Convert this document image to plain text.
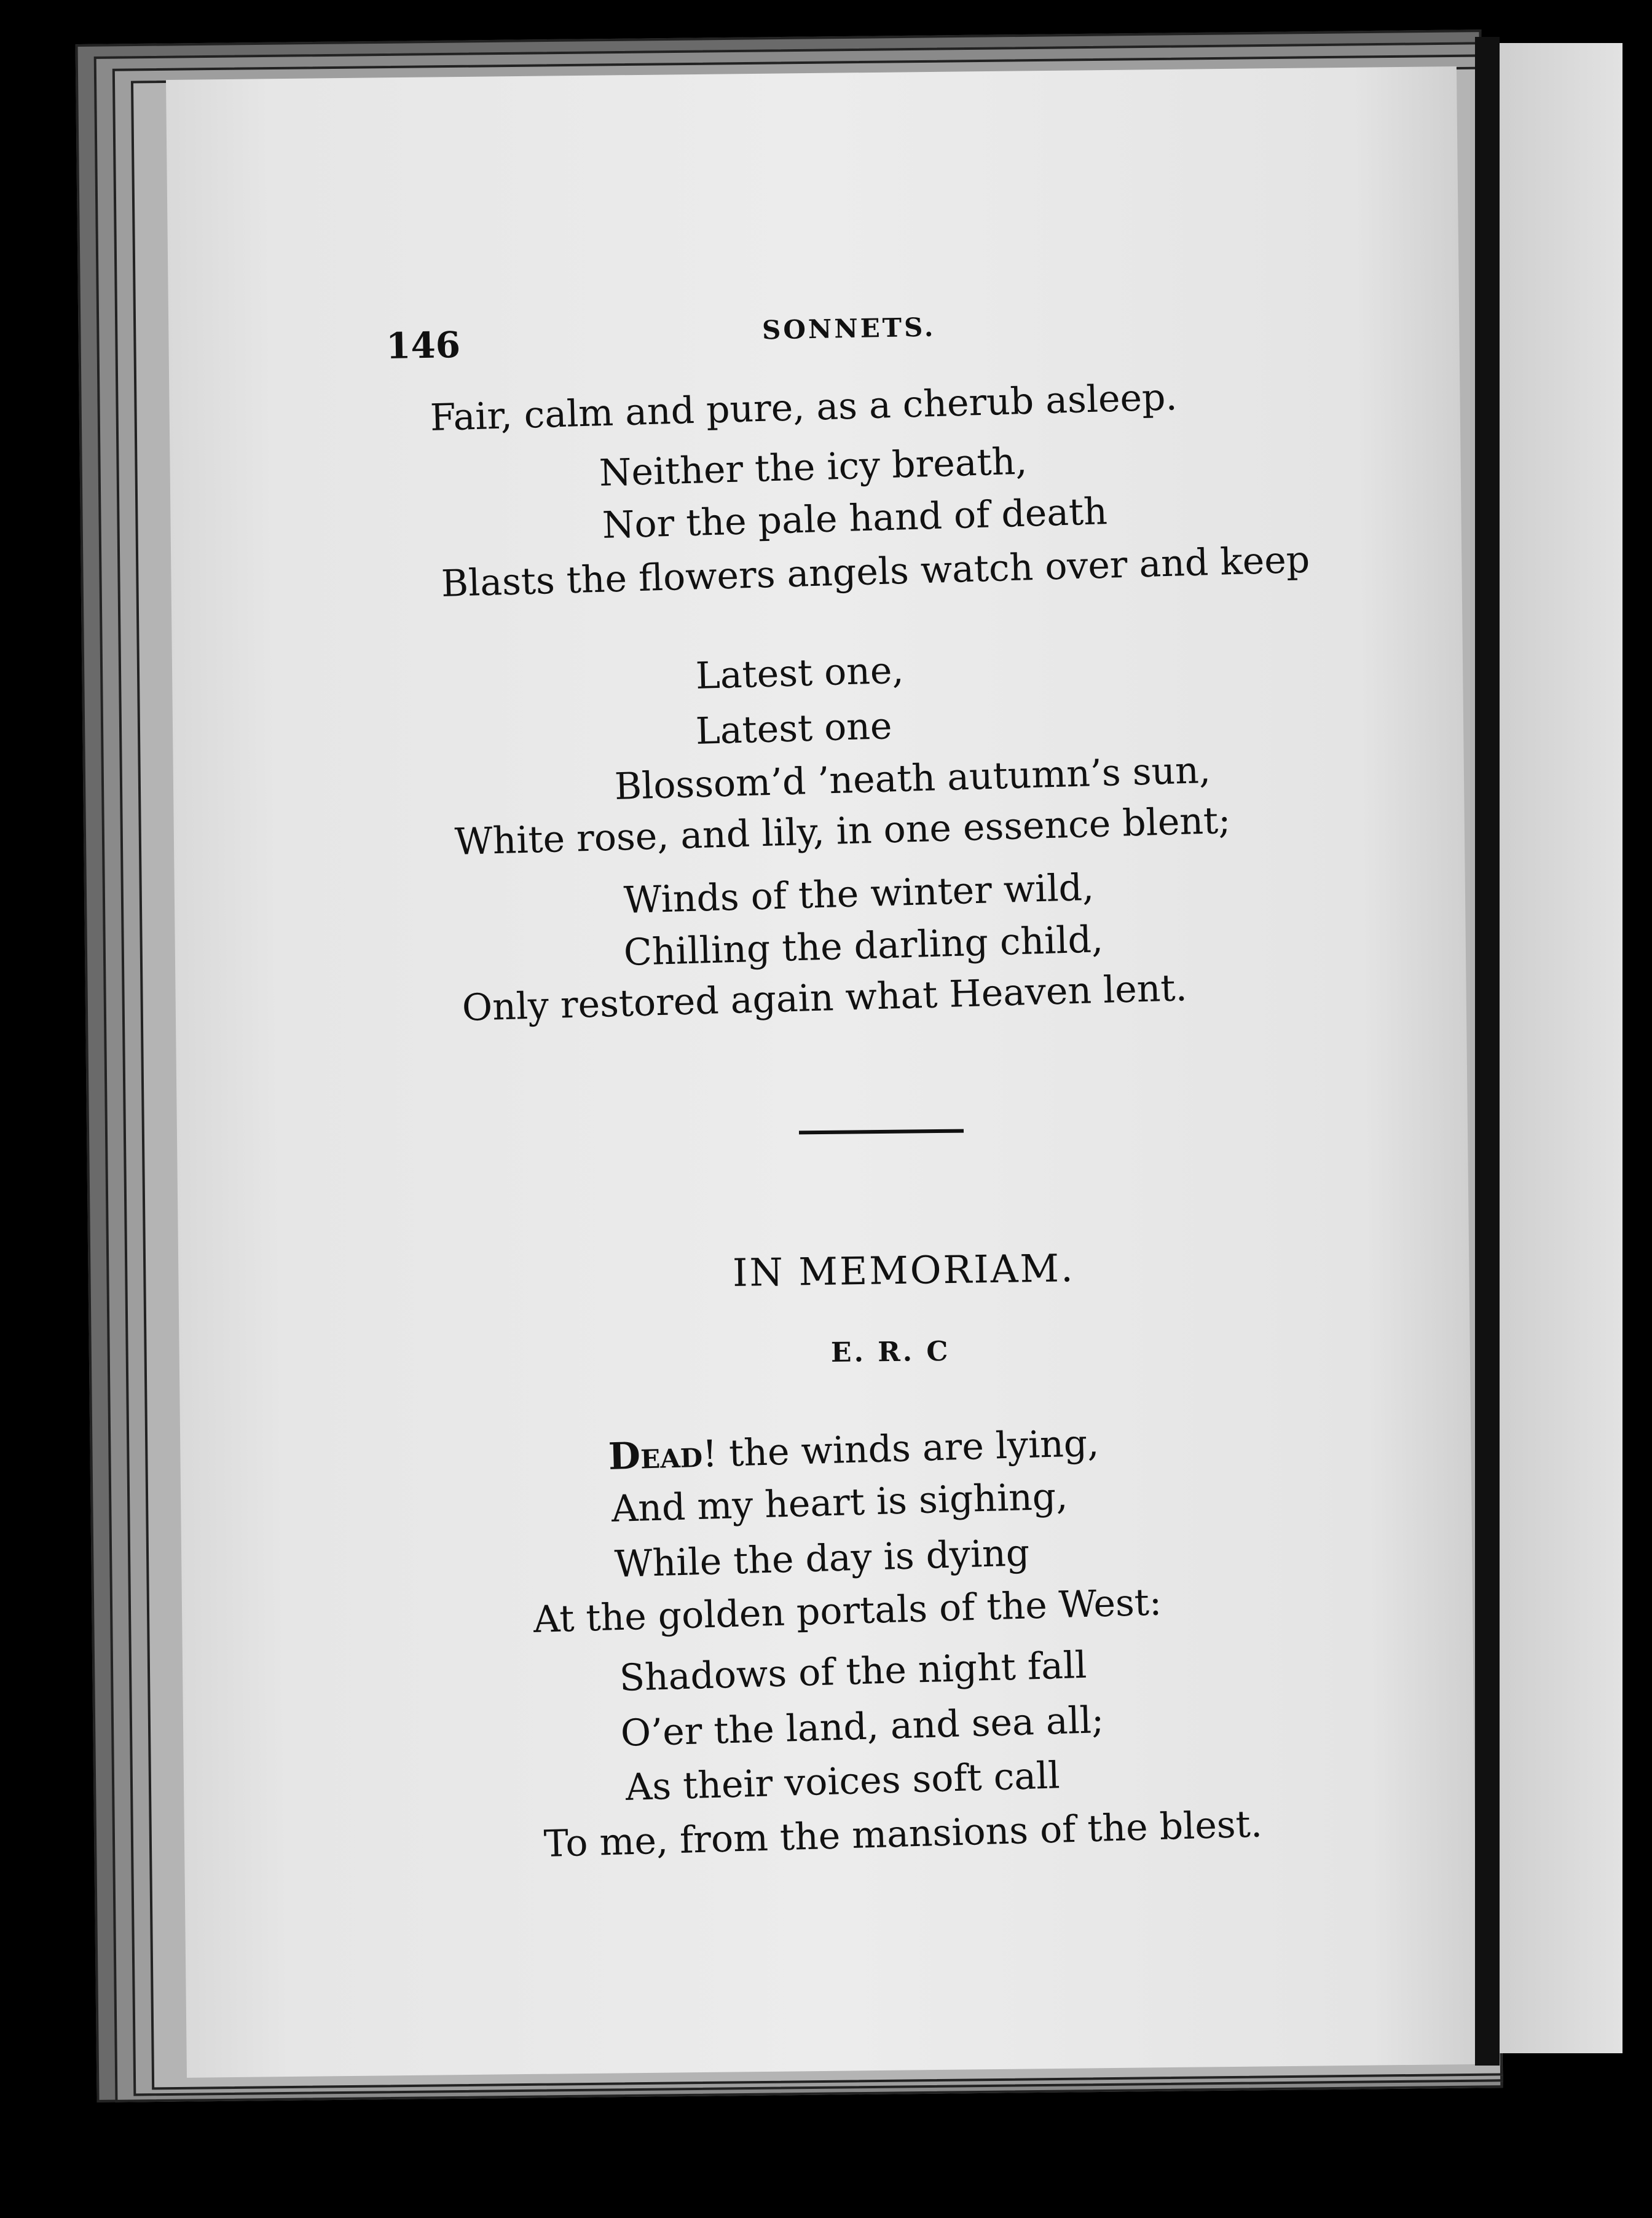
146	SONNETS.
Fair, calm and pure, as a cherub asleep.
Neither the icy breath,
Nor the pale hand of death
Blasts the flowers angels watch over and keep
Latest one,
Latest one
Blossom’d ’neath autumn’s sun,
White rose, and lily, in one essence blent;
Winds of the winter wild,
Chilling the darling child,
Only restored again what Heaven lent.
IN MEMORIAM.
E. R. C
Dead! the winds are lying,
And my heart is sighing,
While the day is dying
At the golden portals of the West:
Shadows of the night fall
O’er the land, and sea all;
As their voices soft call
To me, from the mansions of the blest.
